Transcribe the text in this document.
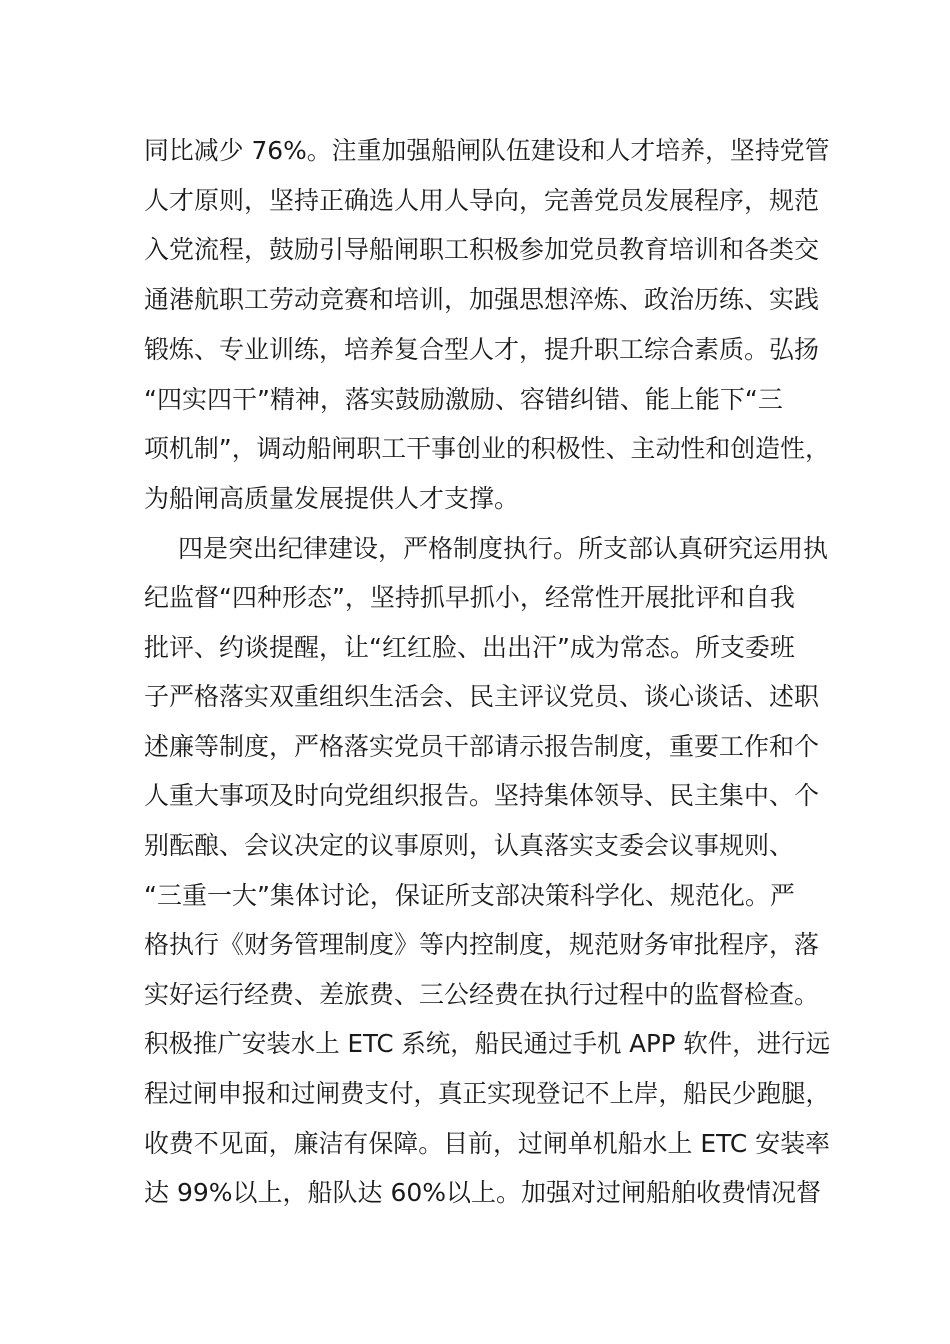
同比减少 76%。注重加强船闸队伍建设和人才培养，坚持党管
人才原则，坚持正确选人用人导向，完善党员发展程序，规范
入党流程，鼓励引导船闸职工积极参加党员教育培训和各类交
通港航职工劳动竞赛和培训，加强思想淬炼、政治历练、实践
锻炼、专业训练，培养复合型人才，提升职工综合素质。弘扬
“四实四干”精神，落实鼓励激励、容错纠错、能上能下“三
项机制”，调动船闸职工干事创业的积极性、主动性和创造性，
为船闸高质量发展提供人才支撑。
四是突出纪律建设，严格制度执行。所支部认真研究运用执
纪监督“四种形态”，坚持抓早抓小，经常性开展批评和自我
批评、约谈提醒，让“红红脸、出出汗”成为常态。所支委班
子严格落实双重组织生活会、民主评议党员、谈心谈话、述职
述廉等制度，严格落实党员干部请示报告制度，重要工作和个
人重大事项及时向党组织报告。坚持集体领导、民主集中、个
别酝酿、会议决定的议事原则，认真落实支委会议事规则、
“三重一大”集体讨论，保证所支部决策科学化、规范化。严
格执行《财务管理制度》等内控制度，规范财务审批程序，落
实好运行经费、差旅费、三公经费在执行过程中的监督检查。
积极推广安装水上 ETC 系统，船民通过手机 APP 软件，进行远
程过闸申报和过闸费支付，真正实现登记不上岸，船民少跑腿，
收费不见面，廉洁有保障。目前，过闸单机船水上 ETC 安装率
达 99%以上，船队达 60%以上。加强对过闸船舶收费情况督
